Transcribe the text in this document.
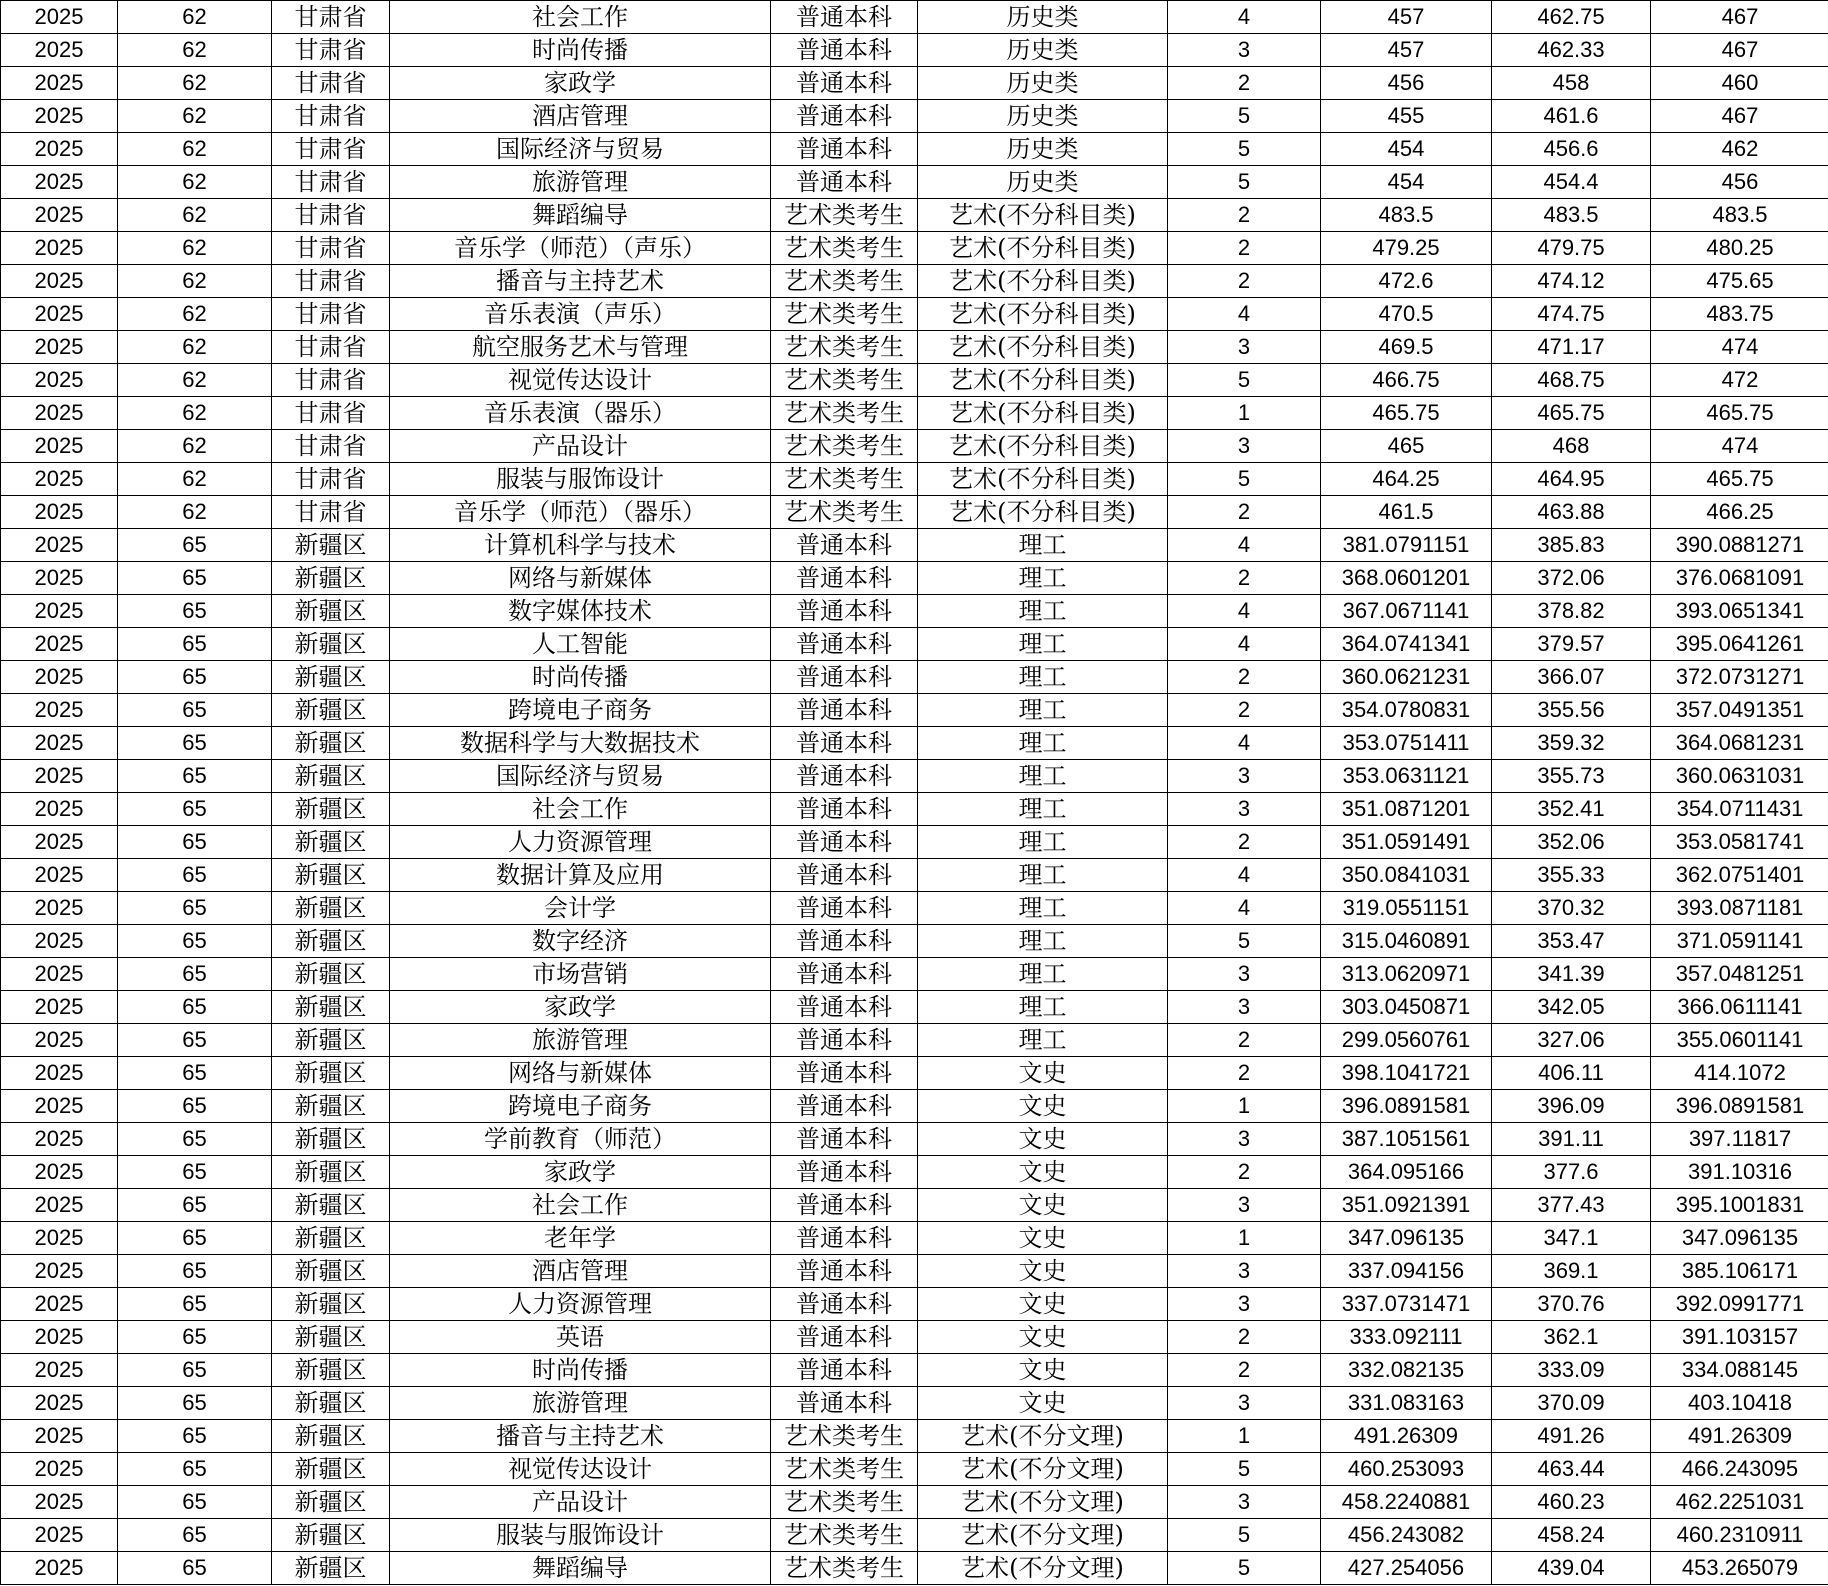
2025	62	甘肃省	社会工作	普通本科	历史类	4	457	462.75	467
2025	62	甘肃省	时尚传播	普通本科	历史类	3	457	462.33	467
2025	62	甘肃省	家政学	普通本科	历史类	2	456	458	460
2025	62	甘肃省	酒店管理	普通本科	历史类	5	455	461.6	467
2025	62	甘肃省	国际经济与贸易	普通本科	历史类	5	454	456.6	462
2025	62	甘肃省	旅游管理	普通本科	历史类	5	454	454.4	456
2025	62	甘肃省	舞蹈编导	艺术类考生	艺术(不分科目类)	2	483.5	483.5	483.5
2025	62	甘肃省	音乐学（师范）（声乐）	艺术类考生	艺术(不分科目类)	2	479.25	479.75	480.25
2025	62	甘肃省	播音与主持艺术	艺术类考生	艺术(不分科目类)	2	472.6	474.12	475.65
2025	62	甘肃省	音乐表演（声乐）	艺术类考生	艺术(不分科目类)	4	470.5	474.75	483.75
2025	62	甘肃省	航空服务艺术与管理	艺术类考生	艺术(不分科目类)	3	469.5	471.17	474
2025	62	甘肃省	视觉传达设计	艺术类考生	艺术(不分科目类)	5	466.75	468.75	472
2025	62	甘肃省	音乐表演（器乐）	艺术类考生	艺术(不分科目类)	1	465.75	465.75	465.75
2025	62	甘肃省	产品设计	艺术类考生	艺术(不分科目类)	3	465	468	474
2025	62	甘肃省	服装与服饰设计	艺术类考生	艺术(不分科目类)	5	464.25	464.95	465.75
2025	62	甘肃省	音乐学（师范）（器乐）	艺术类考生	艺术(不分科目类)	2	461.5	463.88	466.25
2025	65	新疆区	计算机科学与技术	普通本科	理工	4	381.0791151	385.83	390.0881271
2025	65	新疆区	网络与新媒体	普通本科	理工	2	368.0601201	372.06	376.0681091
2025	65	新疆区	数字媒体技术	普通本科	理工	4	367.0671141	378.82	393.0651341
2025	65	新疆区	人工智能	普通本科	理工	4	364.0741341	379.57	395.0641261
2025	65	新疆区	时尚传播	普通本科	理工	2	360.0621231	366.07	372.0731271
2025	65	新疆区	跨境电子商务	普通本科	理工	2	354.0780831	355.56	357.0491351
2025	65	新疆区	数据科学与大数据技术	普通本科	理工	4	353.0751411	359.32	364.0681231
2025	65	新疆区	国际经济与贸易	普通本科	理工	3	353.0631121	355.73	360.0631031
2025	65	新疆区	社会工作	普通本科	理工	3	351.0871201	352.41	354.0711431
2025	65	新疆区	人力资源管理	普通本科	理工	2	351.0591491	352.06	353.0581741
2025	65	新疆区	数据计算及应用	普通本科	理工	4	350.0841031	355.33	362.0751401
2025	65	新疆区	会计学	普通本科	理工	4	319.0551151	370.32	393.0871181
2025	65	新疆区	数字经济	普通本科	理工	5	315.0460891	353.47	371.0591141
2025	65	新疆区	市场营销	普通本科	理工	3	313.0620971	341.39	357.0481251
2025	65	新疆区	家政学	普通本科	理工	3	303.0450871	342.05	366.0611141
2025	65	新疆区	旅游管理	普通本科	理工	2	299.0560761	327.06	355.0601141
2025	65	新疆区	网络与新媒体	普通本科	文史	2	398.1041721	406.11	414.1072
2025	65	新疆区	跨境电子商务	普通本科	文史	1	396.0891581	396.09	396.0891581
2025	65	新疆区	学前教育（师范）	普通本科	文史	3	387.1051561	391.11	397.11817
2025	65	新疆区	家政学	普通本科	文史	2	364.095166	377.6	391.10316
2025	65	新疆区	社会工作	普通本科	文史	3	351.0921391	377.43	395.1001831
2025	65	新疆区	老年学	普通本科	文史	1	347.096135	347.1	347.096135
2025	65	新疆区	酒店管理	普通本科	文史	3	337.094156	369.1	385.106171
2025	65	新疆区	人力资源管理	普通本科	文史	3	337.0731471	370.76	392.0991771
2025	65	新疆区	英语	普通本科	文史	2	333.092111	362.1	391.103157
2025	65	新疆区	时尚传播	普通本科	文史	2	332.082135	333.09	334.088145
2025	65	新疆区	旅游管理	普通本科	文史	3	331.083163	370.09	403.10418
2025	65	新疆区	播音与主持艺术	艺术类考生	艺术(不分文理)	1	491.26309	491.26	491.26309
2025	65	新疆区	视觉传达设计	艺术类考生	艺术(不分文理)	5	460.253093	463.44	466.243095
2025	65	新疆区	产品设计	艺术类考生	艺术(不分文理)	3	458.2240881	460.23	462.2251031
2025	65	新疆区	服装与服饰设计	艺术类考生	艺术(不分文理)	5	456.243082	458.24	460.2310911
2025	65	新疆区	舞蹈编导	艺术类考生	艺术(不分文理)	5	427.254056	439.04	453.265079
